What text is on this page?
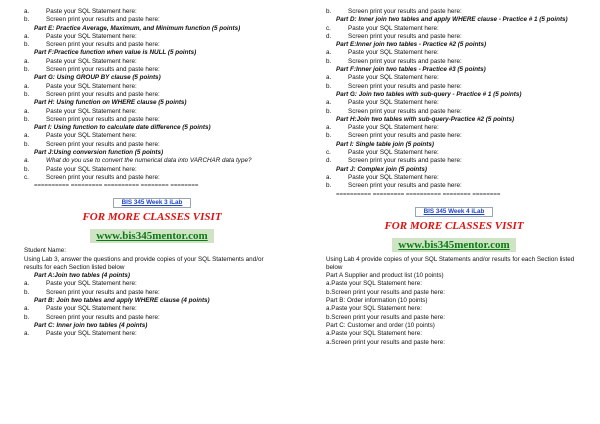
a.	Paste your SQL Statement here:
b.	Screen print your results and paste here:
Part E: Practice Average, Maximum, and Minimum function (5 points)
a.	Paste your SQL Statement here:
b.	Screen print your results and paste here:
Part F:Practice function when value is NULL (5 points)
a.	Paste your SQL Statement here:
b.	Screen print your results and paste here:
Part G: Using GROUP BY clause (5 points)
a.	Paste your SQL Statement here:
b.	Screen print your results and paste here:
Part H: Using function on WHERE clause (5 points)
a.	Paste your SQL Statement here:
b.	Screen print your results and paste here:
Part I: Using function to calculate date difference (5 points)
a.	Paste your SQL Statement here:
b.	Screen print your results and paste here:
Part J:Using conversion function (5 points)
a.	What do you use to convert the numerical data into VARCHAR data type?
b.	Paste your SQL Statement here:
c.	Screen print your results and paste here:
========== ========= ========== ======== ========
BIS 345 Week 3 iLab
FOR MORE CLASSES VISIT
www.bis345mentor.com
Student Name:
Using Lab 3, answer the questions and provide copies of your SQL Statements and/or results for each Section listed below
Part A:Join two tables (4 points)
a.	Paste your SQL Statement here:
b.	Screen print your results and paste here:
Part B: Join two tables and apply WHERE clause (4 points)
a.	Paste your SQL Statement here:
b.	Screen print your results and paste here:
Part C: Inner join two tables (4 points)
a.	Paste your SQL Statement here:
b.	Screen print your results and paste here:
Part D: Inner join two tables and apply WHERE clause - Practice # 1 (5 points)
c.	Paste your SQL Statement here:
d.	Screen print your results and paste here:
Part E:Inner join two tables - Practice #2 (5 points)
a.	Paste your SQL Statement here:
b.	Screen print your results and paste here:
Part F:Inner join two tables - Practice #3 (5 points)
a.	Paste your SQL Statement here:
b.	Screen print your results and paste here:
Part G: Join two tables with sub-query - Practice # 1 (5 points)
a.	Paste your SQL Statement here:
b.	Screen print your results and paste here:
Part H:Join two tables with sub-query-Practice #2 (5 points)
a.	Paste your SQL Statement here:
b.	Screen print your results and paste here:
Part I: Single table join (5 points)
c.	Paste your SQL Statement here:
d.	Screen print your results and paste here:
Part J: Complex join (5 points)
a.	Paste your SQL Statement here:
b.	Screen print your results and paste here:
========== ========= ========== ======== ========
BIS 345 Week 4 iLab
FOR MORE CLASSES VISIT
www.bis345mentor.com
Using Lab 4 provide copies of your SQL Statements and/or results for each Section listed below
Part A Supplier and product list (10 points)
a.Paste your SQL Statement here:
b.Screen print your results and paste here:
Part B: Order information (10 points)
a.Paste your SQL Statement here:
b.Screen print your results and paste here:
Part C: Customer and order (10 points)
a.Paste your SQL Statement here:
a.Screen print your results and paste here:
